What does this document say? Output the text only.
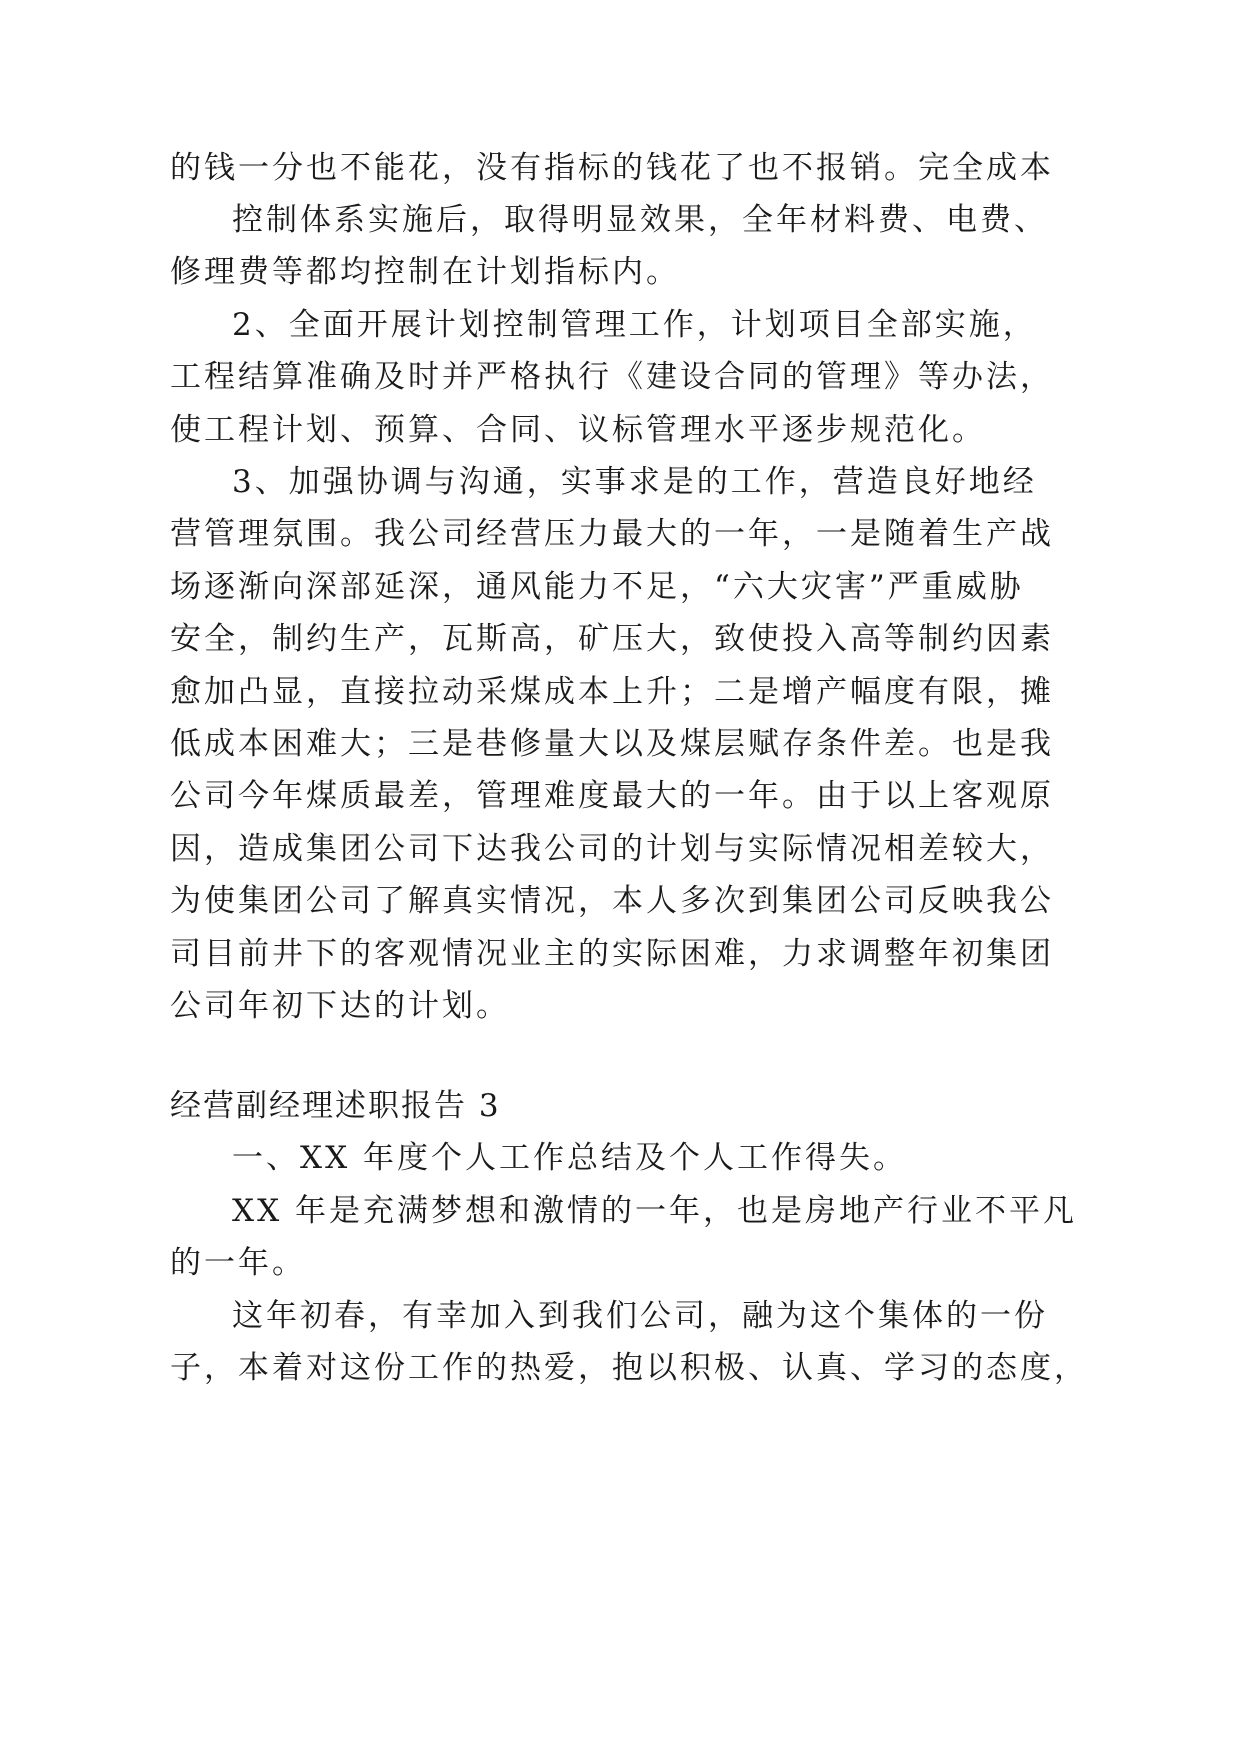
的钱一分也不能花，没有指标的钱花了也不报销。完全成本
控制体系实施后，取得明显效果，全年材料费、电费、
修理费等都均控制在计划指标内。
2、全面开展计划控制管理工作，计划项目全部实施，
工程结算准确及时并严格执行《建设合同的管理》等办法，
使工程计划、预算、合同、议标管理水平逐步规范化。
3、加强协调与沟通，实事求是的工作，营造良好地经
营管理氛围。我公司经营压力最大的一年，一是随着生产战
场逐渐向深部延深，通风能力不足，“六大灾害”严重威胁
安全，制约生产，瓦斯高，矿压大，致使投入高等制约因素
愈加凸显，直接拉动采煤成本上升；二是增产幅度有限，摊
低成本困难大；三是巷修量大以及煤层赋存条件差。也是我
公司今年煤质最差，管理难度最大的一年。由于以上客观原
因，造成集团公司下达我公司的计划与实际情况相差较大，
为使集团公司了解真实情况，本人多次到集团公司反映我公
司目前井下的客观情况业主的实际困难，力求调整年初集团
公司年初下达的计划。
经营副经理述职报告 3
一、XX 年度个人工作总结及个人工作得失。
XX 年是充满梦想和激情的一年，也是房地产行业不平凡
的一年。
这年初春，有幸加入到我们公司，融为这个集体的一份
子，本着对这份工作的热爱，抱以积极、认真、学习的态度，
